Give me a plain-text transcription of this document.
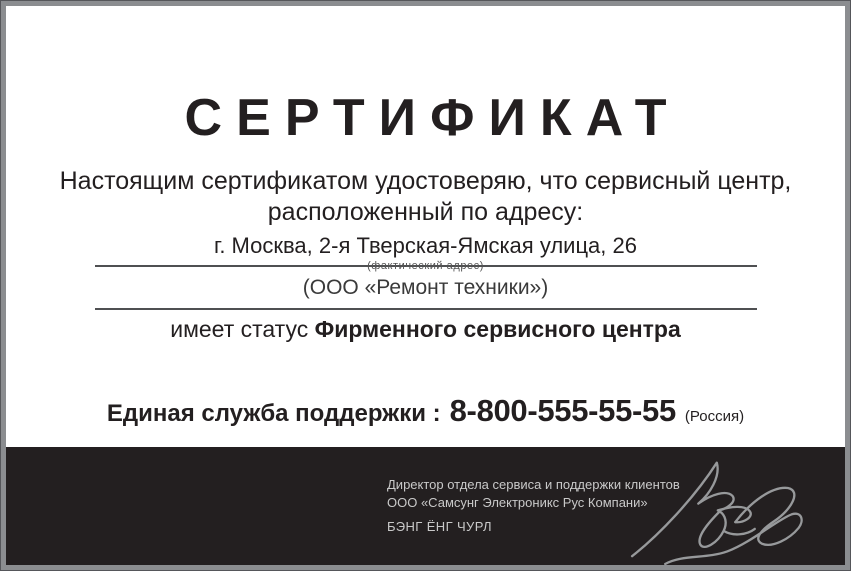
СЕРТИФИКАТ
Настоящим сертификатом удостоверяю, что сервисный центр,
расположенный по адресу:
г. Москва, 2-я Тверская-Ямская улица, 26
(фактический адрес)
(ООО «Ремонт техники»)
имеет статус Фирменного сервисного центра
Единая служба поддержки : 8-800-555-55-55 (Россия)
Директор отдела сервиса и поддержки клиентов
ООО «Самсунг Электроникс Рус Компани»
БЭНГ ЁНГ ЧУРЛ
